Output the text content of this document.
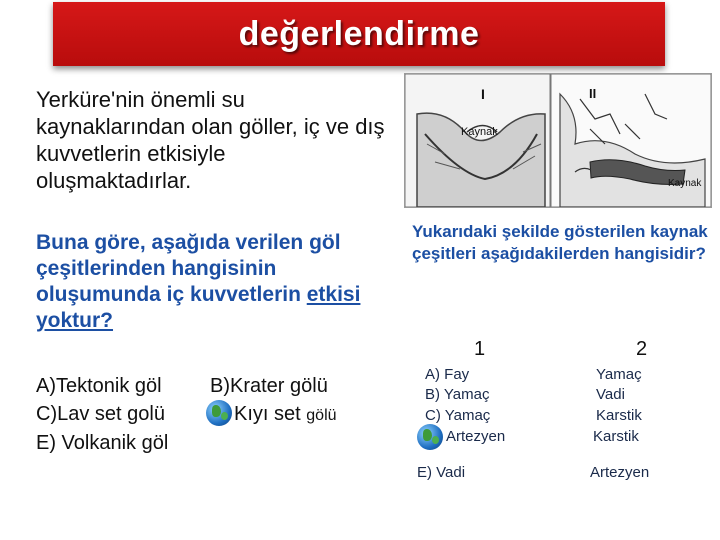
değerlendirme

Yerküre'nin önemli su kaynaklarından olan göller, iç ve dış kuvvetlerin etkisiyle oluşmaktadırlar.

Buna göre, aşağıda verilen göl çeşitlerinden hangisinin oluşumunda iç kuvvetlerin etkisi yoktur?

A)Tektonik göl B)Krater gölü
C)Lav set golü	Kıyı set gölü
E) Volkanik göl
I
Kaynak
II
Kaynak

Yukarıdaki şekilde gösterilen kaynak çeşitleri aşağıdakilerden hangisidir?

1	2
A) Fay	Yamaç
B) Yamaç	Vadi
C) Yamaç	Karstik
Artezyen	Karstik
E) Vadi	Artezyen
